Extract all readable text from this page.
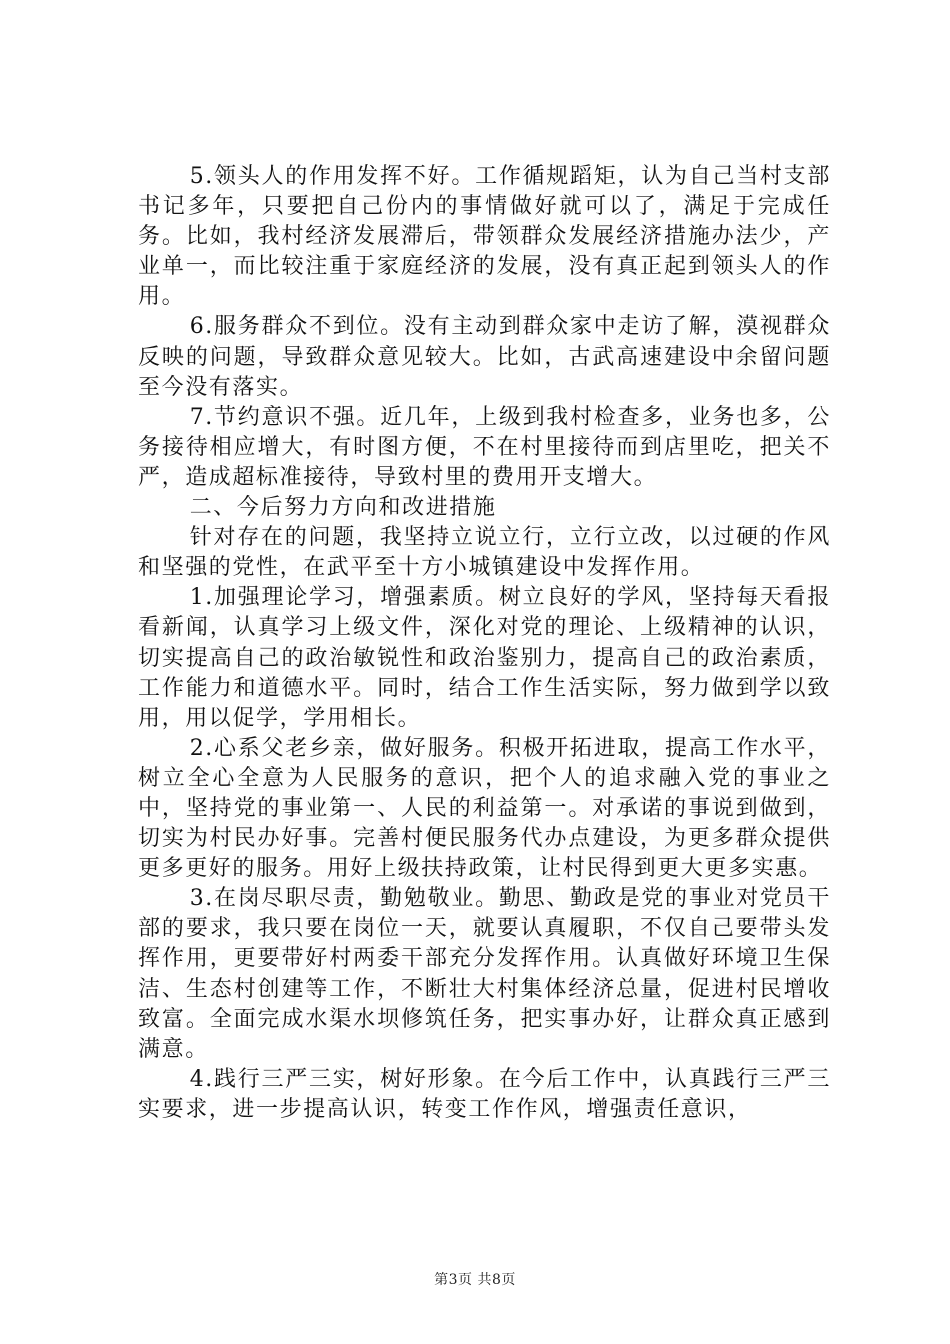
5.领头人的作用发挥不好。工作循规蹈矩，认为自己当村支部书记多年，只要把自己份内的事情做好就可以了，满足于完成任务。比如，我村经济发展滞后，带领群众发展经济措施办法少，产业单一，而比较注重于家庭经济的发展，没有真正起到领头人的作用。

6.服务群众不到位。没有主动到群众家中走访了解，漠视群众反映的问题，导致群众意见较大。比如，古武高速建设中余留问题至今没有落实。

7.节约意识不强。近几年，上级到我村检查多，业务也多，公务接待相应增大，有时图方便，不在村里接待而到店里吃，把关不严，造成超标准接待，导致村里的费用开支增大。

二、今后努力方向和改进措施

针对存在的问题，我坚持立说立行，立行立改，以过硬的作风和坚强的党性，在武平至十方小城镇建设中发挥作用。

1.加强理论学习，增强素质。树立良好的学风，坚持每天看报看新闻，认真学习上级文件，深化对党的理论、上级精神的认识，切实提高自己的政治敏锐性和政治鉴别力，提高自己的政治素质，工作能力和道德水平。同时，结合工作生活实际，努力做到学以致用，用以促学，学用相长。

2.心系父老乡亲，做好服务。积极开拓进取，提高工作水平，树立全心全意为人民服务的意识，把个人的追求融入党的事业之中，坚持党的事业第一、人民的利益第一。对承诺的事说到做到，切实为村民办好事。完善村便民服务代办点建设，为更多群众提供更多更好的服务。用好上级扶持政策，让村民得到更大更多实惠。

3.在岗尽职尽责，勤勉敬业。勤思、勤政是党的事业对党员干部的要求，我只要在岗位一天，就要认真履职，不仅自己要带头发挥作用，更要带好村两委干部充分发挥作用。认真做好环境卫生保洁、生态村创建等工作，不断壮大村集体经济总量，促进村民增收致富。全面完成水渠水坝修筑任务，把实事办好，让群众真正感到满意。

4.践行三严三实，树好形象。在今后工作中，认真践行三严三实要求，进一步提高认识，转变工作作风，增强责任意识，

第3页 共8页
